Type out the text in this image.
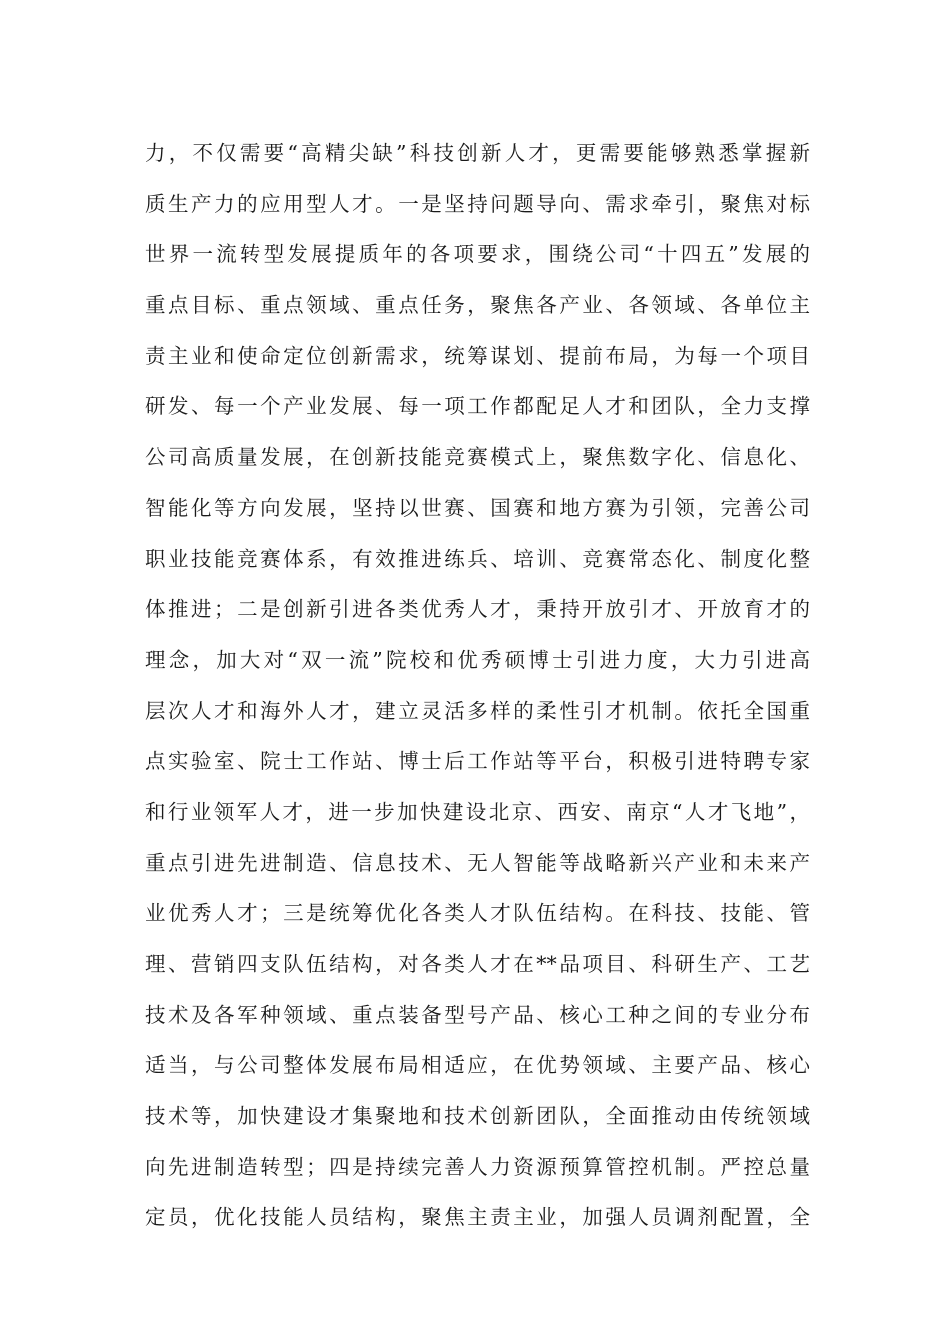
力，不仅需要“高精尖缺”科技创新人才，更需要能够熟悉掌握新
质生产力的应用型人才。一是坚持问题导向、需求牵引，聚焦对标
世界一流转型发展提质年的各项要求，围绕公司“十四五”发展的
重点目标、重点领域、重点任务，聚焦各产业、各领域、各单位主
责主业和使命定位创新需求，统筹谋划、提前布局，为每一个项目
研发、每一个产业发展、每一项工作都配足人才和团队，全力支撑
公司高质量发展，在创新技能竞赛模式上，聚焦数字化、信息化、
智能化等方向发展，坚持以世赛、国赛和地方赛为引领，完善公司
职业技能竞赛体系，有效推进练兵、培训、竞赛常态化、制度化整
体推进；二是创新引进各类优秀人才，秉持开放引才、开放育才的
理念，加大对“双一流”院校和优秀硕博士引进力度，大力引进高
层次人才和海外人才，建立灵活多样的柔性引才机制。依托全国重
点实验室、院士工作站、博士后工作站等平台，积极引进特聘专家
和行业领军人才，进一步加快建设北京、西安、南京“人才飞地”，
重点引进先进制造、信息技术、无人智能等战略新兴产业和未来产
业优秀人才；三是统筹优化各类人才队伍结构。在科技、技能、管
理、营销四支队伍结构，对各类人才在**品项目、科研生产、工艺
技术及各军种领域、重点装备型号产品、核心工种之间的专业分布
适当，与公司整体发展布局相适应，在优势领域、主要产品、核心
技术等，加快建设才集聚地和技术创新团队，全面推动由传统领域
向先进制造转型；四是持续完善人力资源预算管控机制。严控总量
定员，优化技能人员结构，聚焦主责主业，加强人员调剂配置，全
